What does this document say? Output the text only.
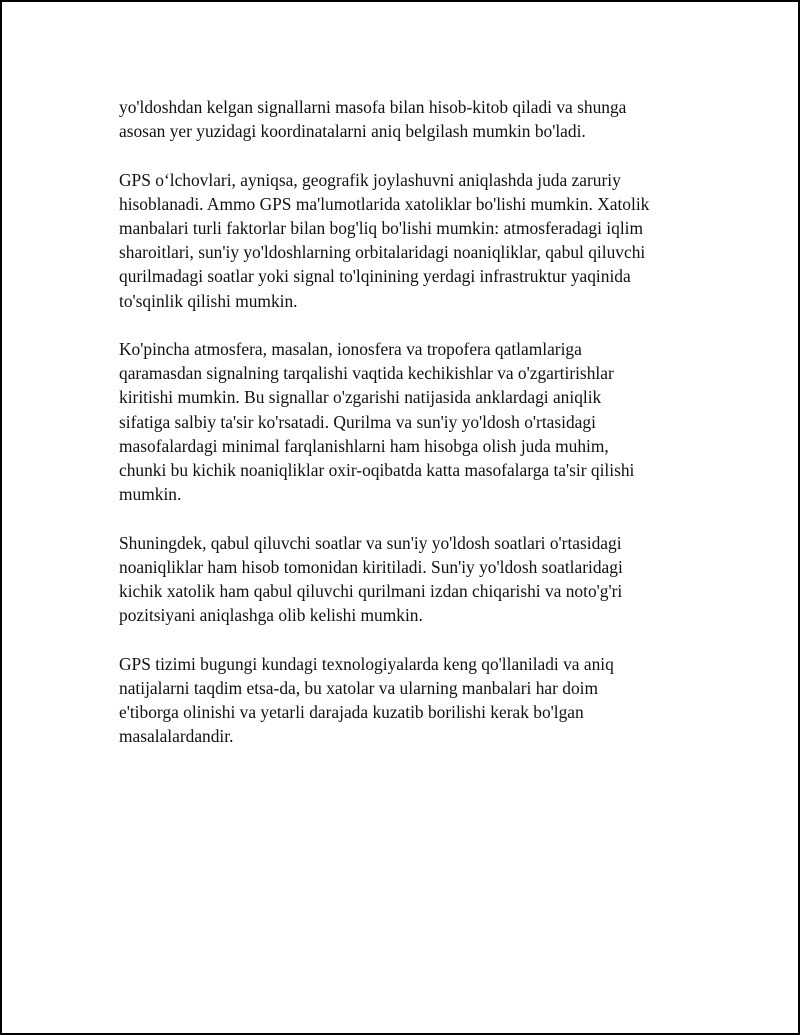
yo'ldoshdan kelgan signallarni masofa bilan hisob-kitob qiladi va shunga
asosan yer yuzidagi koordinatalarni aniq belgilash mumkin bo'ladi.

GPS oʻlchovlari, ayniqsa, geografik joylashuvni aniqlashda juda zaruriy
hisoblanadi. Ammo GPS ma'lumotlarida xatoliklar bo'lishi mumkin. Xatolik
manbalari turli faktorlar bilan bog'liq bo'lishi mumkin: atmosferadagi iqlim
sharoitlari, sun'iy yo'ldoshlarning orbitalaridagi noaniqliklar, qabul qiluvchi
qurilmadagi soatlar yoki signal to'lqinining yerdagi infrastruktur yaqinida
to'sqinlik qilishi mumkin.

Ko'pincha atmosfera, masalan, ionosfera va tropofera qatlamlariga
qaramasdan signalning tarqalishi vaqtida kechikishlar va o'zgartirishlar
kiritishi mumkin. Bu signallar o'zgarishi natijasida anklardagi aniqlik
sifatiga salbiy ta'sir ko'rsatadi. Qurilma va sun'iy yo'ldosh o'rtasidagi
masofalardagi minimal farqlanishlarni ham hisobga olish juda muhim,
chunki bu kichik noaniqliklar oxir-oqibatda katta masofalarga ta'sir qilishi
mumkin.

Shuningdek, qabul qiluvchi soatlar va sun'iy yo'ldosh soatlari o'rtasidagi
noaniqliklar ham hisob tomonidan kiritiladi. Sun'iy yo'ldosh soatlaridagi
kichik xatolik ham qabul qiluvchi qurilmani izdan chiqarishi va noto'g'ri
pozitsiyani aniqlashga olib kelishi mumkin.

GPS tizimi bugungi kundagi texnologiyalarda keng qo'llaniladi va aniq
natijalarni taqdim etsa-da, bu xatolar va ularning manbalari har doim
e'tiborga olinishi va yetarli darajada kuzatib borilishi kerak bo'lgan
masalalardandir.
